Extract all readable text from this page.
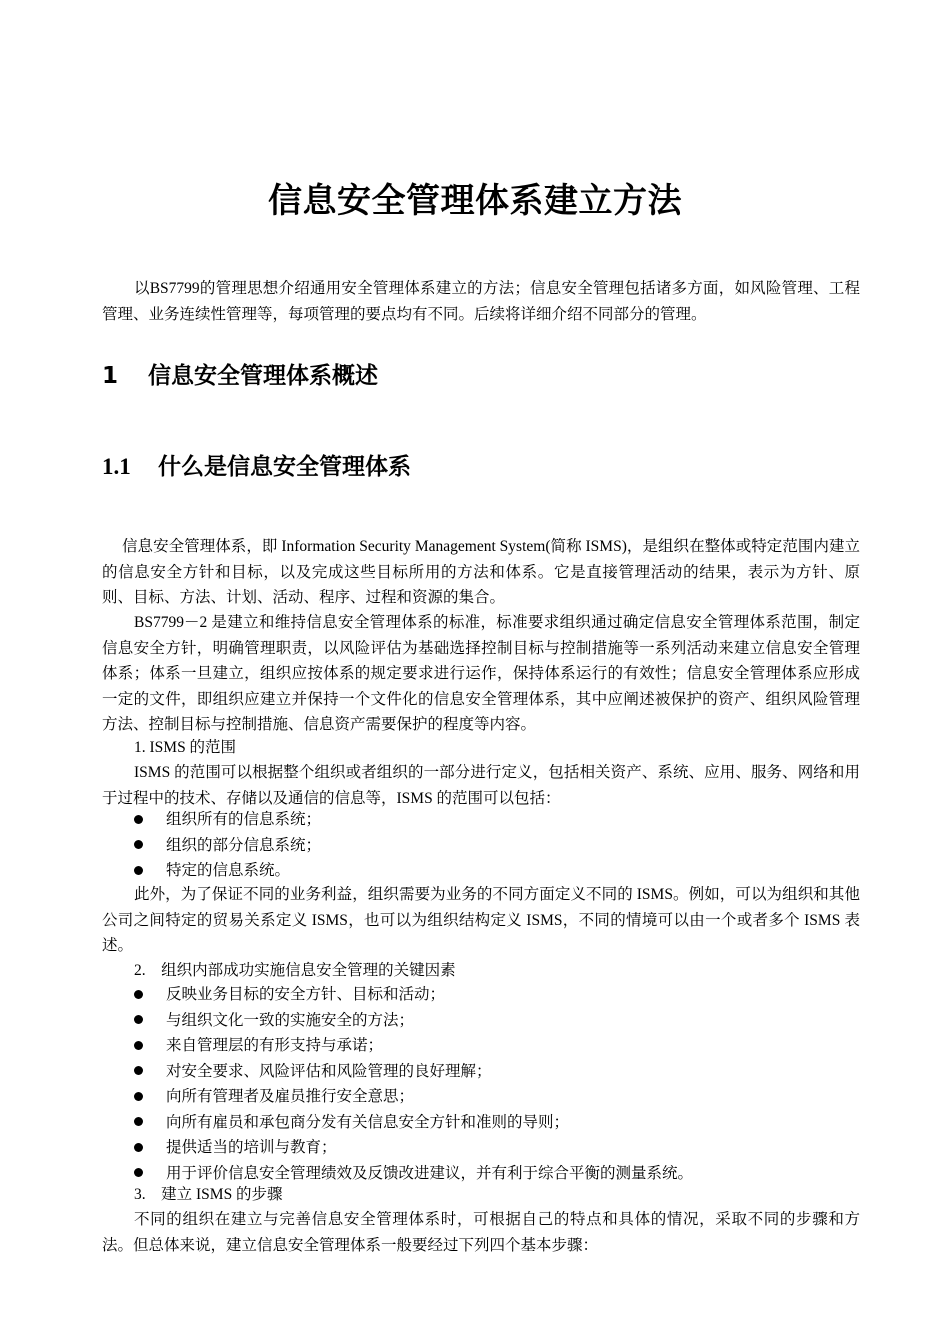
信息安全管理体系建立方法

以BS7799的管理思想介绍通用安全管理体系建立的方法；信息安全管理包括诸多方面，如风险管理、工程管理、业务连续性管理等，每项管理的要点均有不同。后续将详细介绍不同部分的管理。

1 信息安全管理体系概述
1.1 什么是信息安全管理体系

信息安全管理体系，即 Information Security Management System(简称 ISMS)，是组织在整体或特定范围内建立的信息安全方针和目标，以及完成这些目标所用的方法和体系。它是直接管理活动的结果，表示为方针、原则、目标、方法、计划、活动、程序、过程和资源的集合。

BS7799－2 是建立和维持信息安全管理体系的标准，标准要求组织通过确定信息安全管理体系范围，制定信息安全方针，明确管理职责，以风险评估为基础选择控制目标与控制措施等一系列活动来建立信息安全管理体系；体系一旦建立，组织应按体系的规定要求进行运作，保持体系运行的有效性；信息安全管理体系应形成一定的文件，即组织应建立并保持一个文件化的信息安全管理体系，其中应阐述被保护的资产、组织风险管理方法、控制目标与控制措施、信息资产需要保护的程度等内容。

1. ISMS 的范围

ISMS 的范围可以根据整个组织或者组织的一部分进行定义，包括相关资产、系统、应用、服务、网络和用于过程中的技术、存储以及通信的信息等，ISMS 的范围可以包括：

组织所有的信息系统；
组织的部分信息系统；
特定的信息系统。

此外，为了保证不同的业务利益，组织需要为业务的不同方面定义不同的 ISMS。例如，可以为组织和其他公司之间特定的贸易关系定义 ISMS，也可以为组织结构定义 ISMS，不同的情境可以由一个或者多个 ISMS 表述。

2.　组织内部成功实施信息安全管理的关键因素

反映业务目标的安全方针、目标和活动；
与组织文化一致的实施安全的方法；
来自管理层的有形支持与承诺；
对安全要求、风险评估和风险管理的良好理解；
向所有管理者及雇员推行安全意思；
向所有雇员和承包商分发有关信息安全方针和准则的导则；
提供适当的培训与教育；
用于评价信息安全管理绩效及反馈改进建议，并有利于综合平衡的测量系统。

3.　建立 ISMS 的步骤

不同的组织在建立与完善信息安全管理体系时，可根据自己的特点和具体的情况，采取不同的步骤和方法。但总体来说，建立信息安全管理体系一般要经过下列四个基本步骤：
